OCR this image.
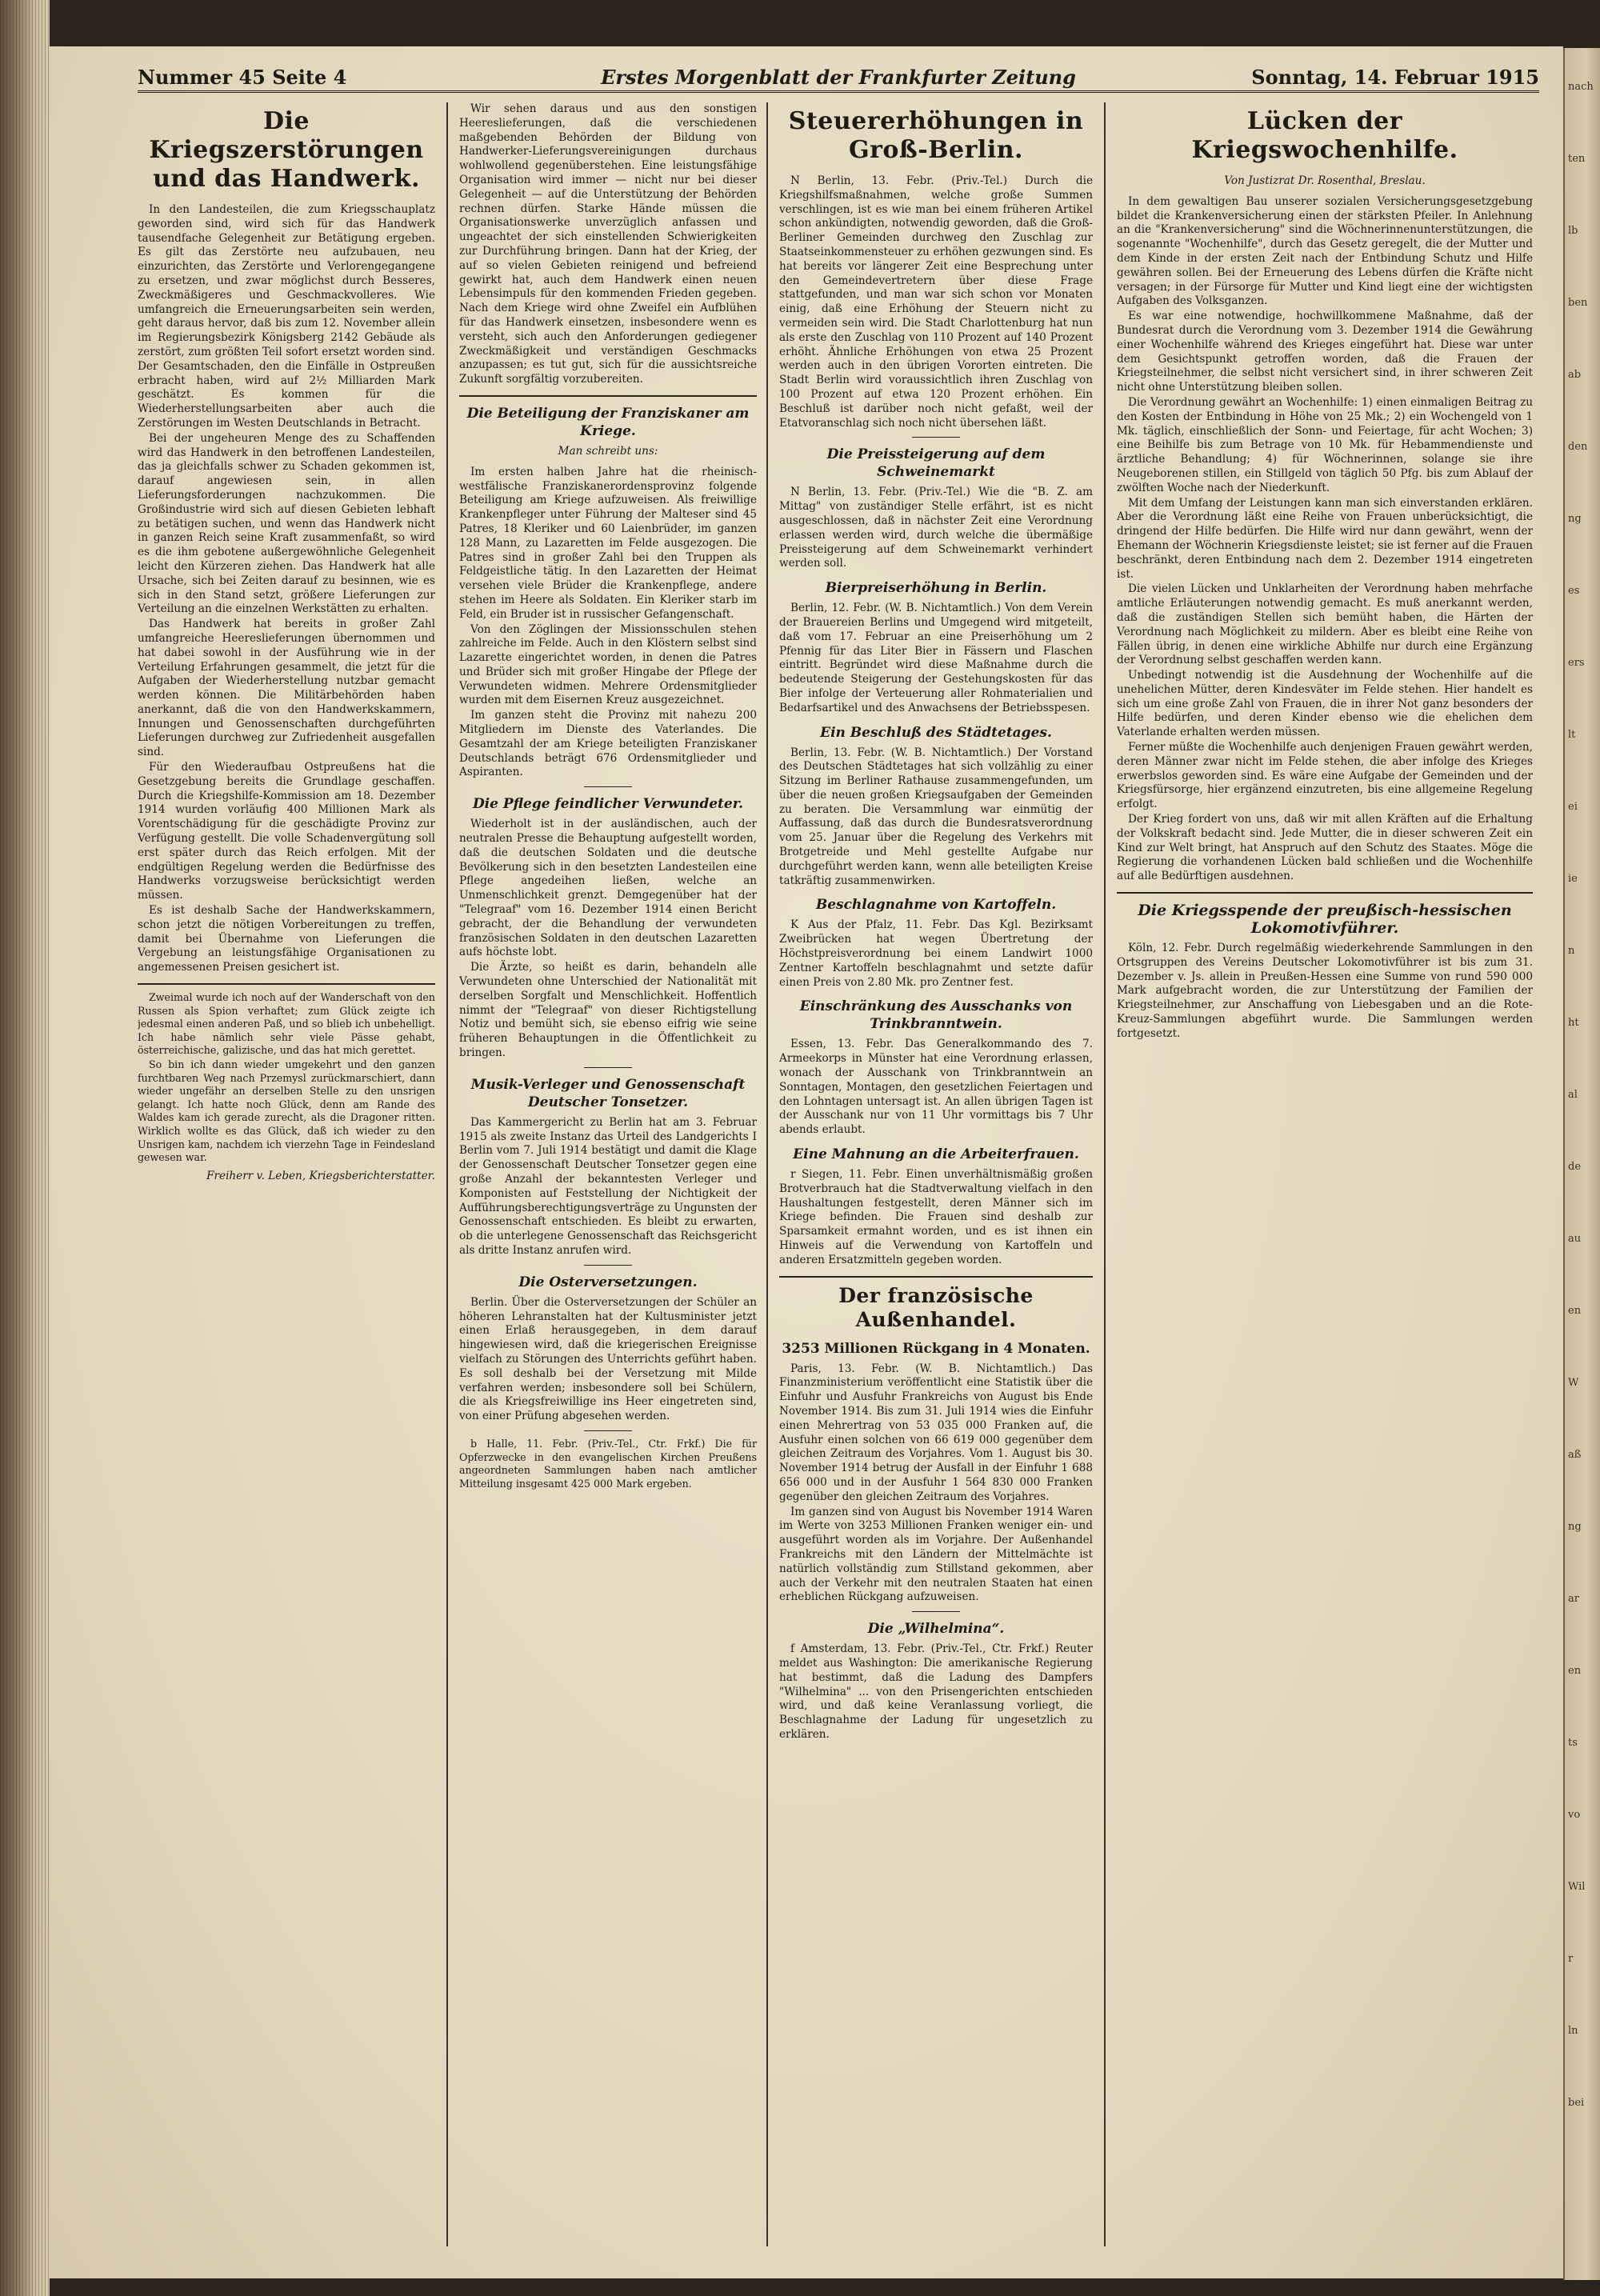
nach
ten
lb
ben
ab
den
ng
es
ers
lt
ei
ie
n
ht
al
de
au
en
W
aß
ng
ar
en
ts
vo
Wil
r
ln
bei
Nummer 45 Seite 4	Erstes Morgenblatt der Frankfurter Zeitung	Sonntag, 14. Februar 1915
Die Kriegszerstörungen und das Handwerk.

In den Landesteilen, die zum Kriegsschauplatz geworden sind, wird sich für das Handwerk tausendfache Gelegenheit zur Betätigung ergeben. Es gilt das Zerstörte neu aufzubauen, neu einzurichten, das Zerstörte und Verlorengegangene zu ersetzen, und zwar möglichst durch Besseres, Zweckmäßigeres und Geschmackvolleres. Wie umfangreich die Erneuerungsarbeiten sein werden, geht daraus hervor, daß bis zum 12. November allein im Regierungsbezirk Königsberg 2142 Gebäude als zerstört, zum größten Teil sofort ersetzt worden sind. Der Gesamtschaden, den die Einfälle in Ostpreußen erbracht haben, wird auf 2½ Milliarden Mark geschätzt. Es kommen für die Wiederherstellungsarbeiten aber auch die Zerstörungen im Westen Deutschlands in Betracht.

Bei der ungeheuren Menge des zu Schaffenden wird das Handwerk in den betroffenen Landesteilen, das ja gleichfalls schwer zu Schaden gekommen ist, darauf angewiesen sein, in allen Lieferungsforderungen nachzukommen. Die Großindustrie wird sich auf diesen Gebieten lebhaft zu betätigen suchen, und wenn das Handwerk nicht in ganzen Reich seine Kraft zusammenfaßt, so wird es die ihm gebotene außergewöhnliche Gelegenheit leicht den Kürzeren ziehen. Das Handwerk hat alle Ursache, sich bei Zeiten darauf zu besinnen, wie es sich in den Stand setzt, größere Lieferungen zur Verteilung an die einzelnen Werkstätten zu erhalten.

Das Handwerk hat bereits in großer Zahl umfangreiche Heereslieferungen übernommen und hat dabei sowohl in der Ausführung wie in der Verteilung Erfahrungen gesammelt, die jetzt für die Aufgaben der Wiederherstellung nutzbar gemacht werden können. Die Militärbehörden haben anerkannt, daß die von den Handwerkskammern, Innungen und Genossenschaften durchgeführten Lieferungen durchweg zur Zufriedenheit ausgefallen sind.

Für den Wiederaufbau Ostpreußens hat die Gesetzgebung bereits die Grundlage geschaffen. Durch die Kriegshilfe-Kommission am 18. Dezember 1914 wurden vorläufig 400 Millionen Mark als Vorentschädigung für die geschädigte Provinz zur Verfügung gestellt. Die volle Schadenvergütung soll erst später durch das Reich erfolgen. Mit der endgültigen Regelung werden die Bedürfnisse des Handwerks vorzugsweise berücksichtigt werden müssen.

Es ist deshalb Sache der Handwerkskammern, schon jetzt die nötigen Vorbereitungen zu treffen, damit bei Übernahme von Lieferungen die Vergebung an leistungsfähige Organisationen zu angemessenen Preisen gesichert ist.

Zweimal wurde ich noch auf der Wanderschaft von den Russen als Spion verhaftet; zum Glück zeigte ich jedesmal einen anderen Paß, und so blieb ich unbehelligt. Ich habe nämlich sehr viele Pässe gehabt, österreichische, galizische, und das hat mich gerettet.

So bin ich dann wieder umgekehrt und den ganzen furchtbaren Weg nach Przemysl zurückmarschiert, dann wieder ungefähr an derselben Stelle zu den unsrigen gelangt. Ich hatte noch Glück, denn am Rande des Waldes kam ich gerade zurecht, als die Dragoner ritten. Wirklich wollte es das Glück, daß ich wieder zu den Unsrigen kam, nachdem ich vierzehn Tage in Feindesland gewesen war.

Freiherr v. Leben, Kriegsberichterstatter.

Wir sehen daraus und aus den sonstigen Heereslieferungen, daß die verschiedenen maßgebenden Behörden der Bildung von Handwerker-Lieferungsvereinigungen durchaus wohlwollend gegenüberstehen. Eine leistungsfähige Organisation wird immer — nicht nur bei dieser Gelegenheit — auf die Unterstützung der Behörden rechnen dürfen. Starke Hände müssen die Organisationswerke unverzüglich anfassen und ungeachtet der sich einstellenden Schwierigkeiten zur Durchführung bringen. Dann hat der Krieg, der auf so vielen Gebieten reinigend und befreiend gewirkt hat, auch dem Handwerk einen neuen Lebensimpuls für den kommenden Frieden gegeben. Nach dem Kriege wird ohne Zweifel ein Aufblühen für das Handwerk einsetzen, insbesondere wenn es versteht, sich auch den Anforderungen gediegener Zweckmäßigkeit und verständigen Geschmacks anzupassen; es tut gut, sich für die aussichtsreiche Zukunft sorgfältig vorzubereiten.

Die Beteiligung der Franziskaner am Kriege.
Man schreibt uns:

Im ersten halben Jahre hat die rheinisch-westfälische Franziskanerordensprovinz folgende Beteiligung am Kriege aufzuweisen. Als freiwillige Krankenpfleger unter Führung der Malteser sind 45 Patres, 18 Kleriker und 60 Laienbrüder, im ganzen 128 Mann, zu Lazaretten im Felde ausgezogen. Die Patres sind in großer Zahl bei den Truppen als Feldgeistliche tätig. In den Lazaretten der Heimat versehen viele Brüder die Krankenpflege, andere stehen im Heere als Soldaten. Ein Kleriker starb im Feld, ein Bruder ist in russischer Gefangenschaft.

Von den Zöglingen der Missionsschulen stehen zahlreiche im Felde. Auch in den Klöstern selbst sind Lazarette eingerichtet worden, in denen die Patres und Brüder sich mit großer Hingabe der Pflege der Verwundeten widmen. Mehrere Ordensmitglieder wurden mit dem Eisernen Kreuz ausgezeichnet.

Im ganzen steht die Provinz mit nahezu 200 Mitgliedern im Dienste des Vaterlandes. Die Gesamtzahl der am Kriege beteiligten Franziskaner Deutschlands beträgt 676 Ordensmitglieder und Aspiranten.

Die Pflege feindlicher Verwundeter.

Wiederholt ist in der ausländischen, auch der neutralen Presse die Behauptung aufgestellt worden, daß die deutschen Soldaten und die deutsche Bevölkerung sich in den besetzten Landesteilen eine Pflege angedeihen ließen, welche an Unmenschlichkeit grenzt. Demgegenüber hat der "Telegraaf" vom 16. Dezember 1914 einen Bericht gebracht, der die Behandlung der verwundeten französischen Soldaten in den deutschen Lazaretten aufs höchste lobt.

Die Ärzte, so heißt es darin, behandeln alle Verwundeten ohne Unterschied der Nationalität mit derselben Sorgfalt und Menschlichkeit. Hoffentlich nimmt der "Telegraaf" von dieser Richtigstellung Notiz und bemüht sich, sie ebenso eifrig wie seine früheren Behauptungen in die Öffentlichkeit zu bringen.

Musik-Verleger und Genossenschaft Deutscher Tonsetzer.

Das Kammergericht zu Berlin hat am 3. Februar 1915 als zweite Instanz das Urteil des Landgerichts I Berlin vom 7. Juli 1914 bestätigt und damit die Klage der Genossenschaft Deutscher Tonsetzer gegen eine große Anzahl der bekanntesten Verleger und Komponisten auf Feststellung der Nichtigkeit der Aufführungsberechtigungsverträge zu Ungunsten der Genossenschaft entschieden. Es bleibt zu erwarten, ob die unterlegene Genossenschaft das Reichsgericht als dritte Instanz anrufen wird.

Die Osterversetzungen.

Berlin. Über die Osterversetzungen der Schüler an höheren Lehranstalten hat der Kultusminister jetzt einen Erlaß herausgegeben, in dem darauf hingewiesen wird, daß die kriegerischen Ereignisse vielfach zu Störungen des Unterrichts geführt haben. Es soll deshalb bei der Versetzung mit Milde verfahren werden; insbesondere soll bei Schülern, die als Kriegsfreiwillige ins Heer eingetreten sind, von einer Prüfung abgesehen werden.

b Halle, 11. Febr. (Priv.-Tel., Ctr. Frkf.) Die für Opferzwecke in den evangelischen Kirchen Preußens angeordneten Sammlungen haben nach amtlicher Mitteilung insgesamt 425 000 Mark ergeben.

Steuererhöhungen in Groß-Berlin.

N Berlin, 13. Febr. (Priv.-Tel.) Durch die Kriegshilfsmaßnahmen, welche große Summen verschlingen, ist es wie man bei einem früheren Artikel schon ankündigten, notwendig geworden, daß die Groß-Berliner Gemeinden durchweg den Zuschlag zur Staatseinkommensteuer zu erhöhen gezwungen sind. Es hat bereits vor längerer Zeit eine Besprechung unter den Gemeindevertretern über diese Frage stattgefunden, und man war sich schon vor Monaten einig, daß eine Erhöhung der Steuern nicht zu vermeiden sein wird. Die Stadt Charlottenburg hat nun als erste den Zuschlag von 110 Prozent auf 140 Prozent erhöht. Ähnliche Erhöhungen von etwa 25 Prozent werden auch in den übrigen Vororten eintreten. Die Stadt Berlin wird voraussichtlich ihren Zuschlag von 100 Prozent auf etwa 120 Prozent erhöhen. Ein Beschluß ist darüber noch nicht gefaßt, weil der Etatvoranschlag sich noch nicht übersehen läßt.

Die Preissteigerung auf dem Schweinemarkt

N Berlin, 13. Febr. (Priv.-Tel.) Wie die "B. Z. am Mittag" von zuständiger Stelle erfährt, ist es nicht ausgeschlossen, daß in nächster Zeit eine Verordnung erlassen werden wird, durch welche die übermäßige Preissteigerung auf dem Schweinemarkt verhindert werden soll.

Bierpreiserhöhung in Berlin.

Berlin, 12. Febr. (W. B. Nichtamtlich.) Von dem Verein der Brauereien Berlins und Umgegend wird mitgeteilt, daß vom 17. Februar an eine Preiserhöhung um 2 Pfennig für das Liter Bier in Fässern und Flaschen eintritt. Begründet wird diese Maßnahme durch die bedeutende Steigerung der Gestehungskosten für das Bier infolge der Verteuerung aller Rohmaterialien und Bedarfsartikel und des Anwachsens der Betriebsspesen.

Ein Beschluß des Städtetages.

Berlin, 13. Febr. (W. B. Nichtamtlich.) Der Vorstand des Deutschen Städtetages hat sich vollzählig zu einer Sitzung im Berliner Rathause zusammengefunden, um über die neuen großen Kriegsaufgaben der Gemeinden zu beraten. Die Versammlung war einmütig der Auffassung, daß das durch die Bundesratsverordnung vom 25. Januar über die Regelung des Verkehrs mit Brotgetreide und Mehl gestellte Aufgabe nur durchgeführt werden kann, wenn alle beteiligten Kreise tatkräftig zusammenwirken.

Beschlagnahme von Kartoffeln.

K Aus der Pfalz, 11. Febr. Das Kgl. Bezirksamt Zweibrücken hat wegen Übertretung der Höchstpreisverordnung bei einem Landwirt 1000 Zentner Kartoffeln beschlagnahmt und setzte dafür einen Preis von 2.80 Mk. pro Zentner fest.

Einschränkung des Ausschanks von Trinkbranntwein.

Essen, 13. Febr. Das Generalkommando des 7. Armeekorps in Münster hat eine Verordnung erlassen, wonach der Ausschank von Trinkbranntwein an Sonntagen, Montagen, den gesetzlichen Feiertagen und den Lohntagen untersagt ist. An allen übrigen Tagen ist der Ausschank nur von 11 Uhr vormittags bis 7 Uhr abends erlaubt.

Eine Mahnung an die Arbeiterfrauen.

r Siegen, 11. Febr. Einen unverhältnismäßig großen Brotverbrauch hat die Stadtverwaltung vielfach in den Haushaltungen festgestellt, deren Männer sich im Kriege befinden. Die Frauen sind deshalb zur Sparsamkeit ermahnt worden, und es ist ihnen ein Hinweis auf die Verwendung von Kartoffeln und anderen Ersatzmitteln gegeben worden.

Der französische Außenhandel.
3253 Millionen Rückgang in 4 Monaten.

Paris, 13. Febr. (W. B. Nichtamtlich.) Das Finanzministerium veröffentlicht eine Statistik über die Einfuhr und Ausfuhr Frankreichs von August bis Ende November 1914. Bis zum 31. Juli 1914 wies die Einfuhr einen Mehrertrag von 53 035 000 Franken auf, die Ausfuhr einen solchen von 66 619 000 gegenüber dem gleichen Zeitraum des Vorjahres. Vom 1. August bis 30. November 1914 betrug der Ausfall in der Einfuhr 1 688 656 000 und in der Ausfuhr 1 564 830 000 Franken gegenüber den gleichen Zeitraum des Vorjahres.

Im ganzen sind von August bis November 1914 Waren im Werte von 3253 Millionen Franken weniger ein- und ausgeführt worden als im Vorjahre. Der Außenhandel Frankreichs mit den Ländern der Mittelmächte ist natürlich vollständig zum Stillstand gekommen, aber auch der Verkehr mit den neutralen Staaten hat einen erheblichen Rückgang aufzuweisen.

Die „Wilhelmina“.

f Amsterdam, 13. Febr. (Priv.-Tel., Ctr. Frkf.) Reuter meldet aus Washington: Die amerikanische Regierung hat bestimmt, daß die Ladung des Dampfers "Wilhelmina" ... von den Prisengerichten entschieden wird, und daß keine Veranlassung vorliegt, die Beschlagnahme der Ladung für ungesetzlich zu erklären.

Lücken der Kriegswochenhilfe.
Von Justizrat Dr. Rosenthal, Breslau.

In dem gewaltigen Bau unserer sozialen Versicherungsgesetzgebung bildet die Krankenversicherung einen der stärksten Pfeiler. In Anlehnung an die "Krankenversicherung" sind die Wöchnerinnenunterstützungen, die sogenannte "Wochenhilfe", durch das Gesetz geregelt, die der Mutter und dem Kinde in der ersten Zeit nach der Entbindung Schutz und Hilfe gewähren sollen. Bei der Erneuerung des Lebens dürfen die Kräfte nicht versagen; in der Fürsorge für Mutter und Kind liegt eine der wichtigsten Aufgaben des Volksganzen.

Es war eine notwendige, hochwillkommene Maßnahme, daß der Bundesrat durch die Verordnung vom 3. Dezember 1914 die Gewährung einer Wochenhilfe während des Krieges eingeführt hat. Diese war unter dem Gesichtspunkt getroffen worden, daß die Frauen der Kriegsteilnehmer, die selbst nicht versichert sind, in ihrer schweren Zeit nicht ohne Unterstützung bleiben sollen.

Die Verordnung gewährt an Wochenhilfe: 1) einen einmaligen Beitrag zu den Kosten der Entbindung in Höhe von 25 Mk.; 2) ein Wochengeld von 1 Mk. täglich, einschließlich der Sonn- und Feiertage, für acht Wochen; 3) eine Beihilfe bis zum Betrage von 10 Mk. für Hebammendienste und ärztliche Behandlung; 4) für Wöchnerinnen, solange sie ihre Neugeborenen stillen, ein Stillgeld von täglich 50 Pfg. bis zum Ablauf der zwölften Woche nach der Niederkunft.

Mit dem Umfang der Leistungen kann man sich einverstanden erklären. Aber die Verordnung läßt eine Reihe von Frauen unberücksichtigt, die dringend der Hilfe bedürfen. Die Hilfe wird nur dann gewährt, wenn der Ehemann der Wöchnerin Kriegsdienste leistet; sie ist ferner auf die Frauen beschränkt, deren Entbindung nach dem 2. Dezember 1914 eingetreten ist.

Die vielen Lücken und Unklarheiten der Verordnung haben mehrfache amtliche Erläuterungen notwendig gemacht. Es muß anerkannt werden, daß die zuständigen Stellen sich bemüht haben, die Härten der Verordnung nach Möglichkeit zu mildern. Aber es bleibt eine Reihe von Fällen übrig, in denen eine wirkliche Abhilfe nur durch eine Ergänzung der Verordnung selbst geschaffen werden kann.

Unbedingt notwendig ist die Ausdehnung der Wochenhilfe auf die unehelichen Mütter, deren Kindesväter im Felde stehen. Hier handelt es sich um eine große Zahl von Frauen, die in ihrer Not ganz besonders der Hilfe bedürfen, und deren Kinder ebenso wie die ehelichen dem Vaterlande erhalten werden müssen.

Ferner müßte die Wochenhilfe auch denjenigen Frauen gewährt werden, deren Männer zwar nicht im Felde stehen, die aber infolge des Krieges erwerbslos geworden sind. Es wäre eine Aufgabe der Gemeinden und der Kriegsfürsorge, hier ergänzend einzutreten, bis eine allgemeine Regelung erfolgt.

Der Krieg fordert von uns, daß wir mit allen Kräften auf die Erhaltung der Volkskraft bedacht sind. Jede Mutter, die in dieser schweren Zeit ein Kind zur Welt bringt, hat Anspruch auf den Schutz des Staates. Möge die Regierung die vorhandenen Lücken bald schließen und die Wochenhilfe auf alle Bedürftigen ausdehnen.

Die Kriegsspende der preußisch-hessischen Lokomotivführer.

Köln, 12. Febr. Durch regelmäßig wiederkehrende Sammlungen in den Ortsgruppen des Vereins Deutscher Lokomotivführer ist bis zum 31. Dezember v. Js. allein in Preußen-Hessen eine Summe von rund 590 000 Mark aufgebracht worden, die zur Unterstützung der Familien der Kriegsteilnehmer, zur Anschaffung von Liebesgaben und an die Rote-Kreuz-Sammlungen abgeführt wurde. Die Sammlungen werden fortgesetzt.
